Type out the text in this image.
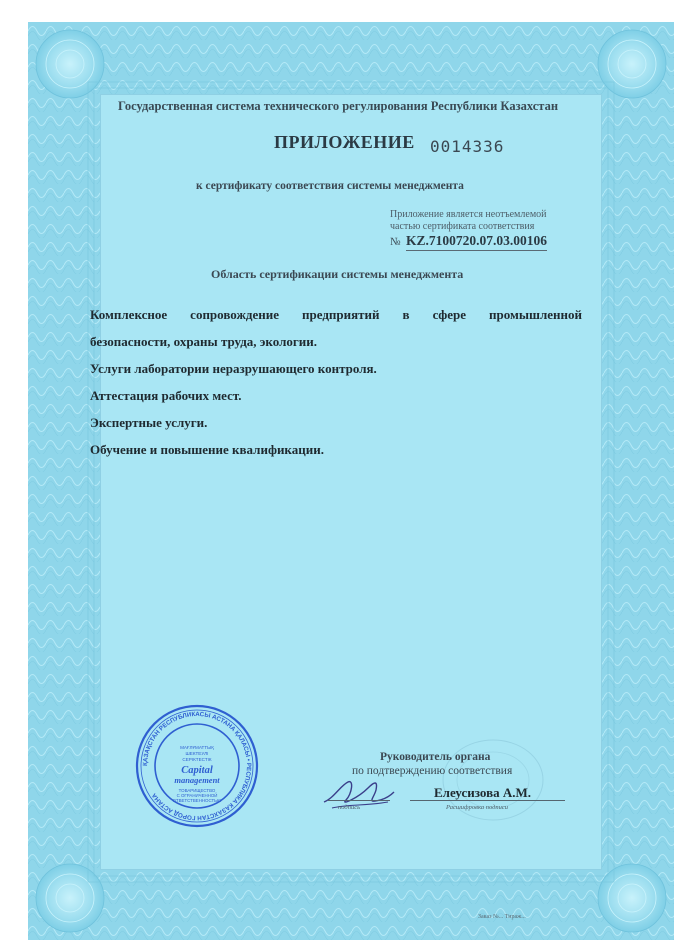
Государственная система технического регулирования Республики Казахстан
ПРИЛОЖЕНИЕ 0014336
к сертификату соответствия системы менеджмента
Приложение является неотъемлемой
частью сертификата соответствия
№ KZ.7100720.07.03.00106
Область сертификации системы менеджмента
Комплексное сопровождение предприятий в сфере промышленной
безопасности, охраны труда, экологии.
Услуги лаборатории неразрушающего контроля.
Аттестация рабочих мест.
Экспертные услуги.
Обучение и повышение квалификации.
Руководитель органа
по подтверждению соответствия
Елеусизова А.М.
подпись	Расшифровка подписи
ҚАЗАҚСТАН РЕСПУБЛИКАСЫ АСТАНА ҚАЛАСЫ • РЕСПУБЛИКА КАЗАХСТАН ГОРОД АСТАНА
МАҒЛҰМАТТЫҚ
ШЕКТЕУЛІ
СЕРІКТЕСТІК
Capital
management
ТОВАРИЩЕСТВО
С ОГРАНИЧЕННОЙ
ОТВЕТСТВЕННОСТЬЮ
Заказ №... Тираж...
